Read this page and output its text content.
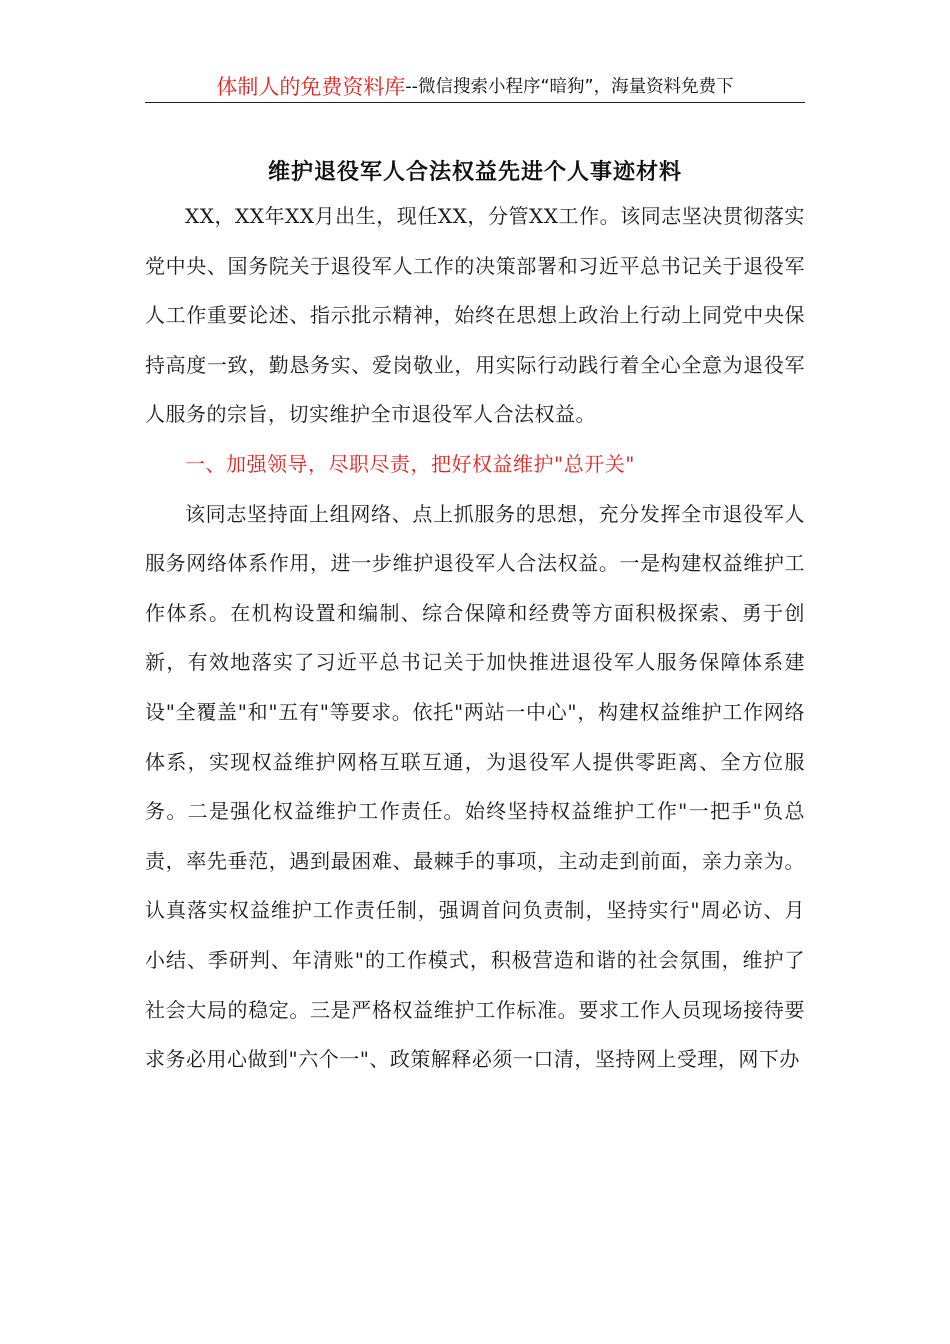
体制人的免费资料库 --微信搜索小程序“暗狗”，海量资料免费下
维护退役军人合法权益先进个人事迹材料

XX，XX年XX月出生，现任XX，分管XX工作。该同志坚决贯彻落实党中央、国务院关于退役军人工作的决策部署和习近平总书记关于退役军人工作重要论述、指示批示精神，始终在思想上政治上行动上同党中央保持高度一致，勤恳务实、爱岗敬业，用实际行动践行着全心全意为退役军人服务的宗旨，切实维护全市退役军人合法权益。

一、加强领导，尽职尽责，把好权益维护"总开关"

该同志坚持面上组网络、点上抓服务的思想，充分发挥全市退役军人服务网络体系作用，进一步维护退役军人合法权益。一是构建权益维护工作体系。在机构设置和编制、综合保障和经费等方面积极探索、勇于创新，有效地落实了习近平总书记关于加快推进退役军人服务保障体系建设"全覆盖"和"五有"等要求。依托"两站一中心"，构建权益维护工作网络体系，实现权益维护网格互联互通，为退役军人提供零距离、全方位服务。二是强化权益维护工作责任。始终坚持权益维护工作"一把手"负总责，率先垂范，遇到最困难、最棘手的事项，主动走到前面，亲力亲为。认真落实权益维护工作责任制，强调首问负责制，坚持实行"周必访、月小结、季研判、年清账"的工作模式，积极营造和谐的社会氛围，维护了社会大局的稳定。三是严格权益维护工作标准。要求工作人员现场接待要求务必用心做到"六个一"、政策解释必须一口清，坚持网上受理，网下办
